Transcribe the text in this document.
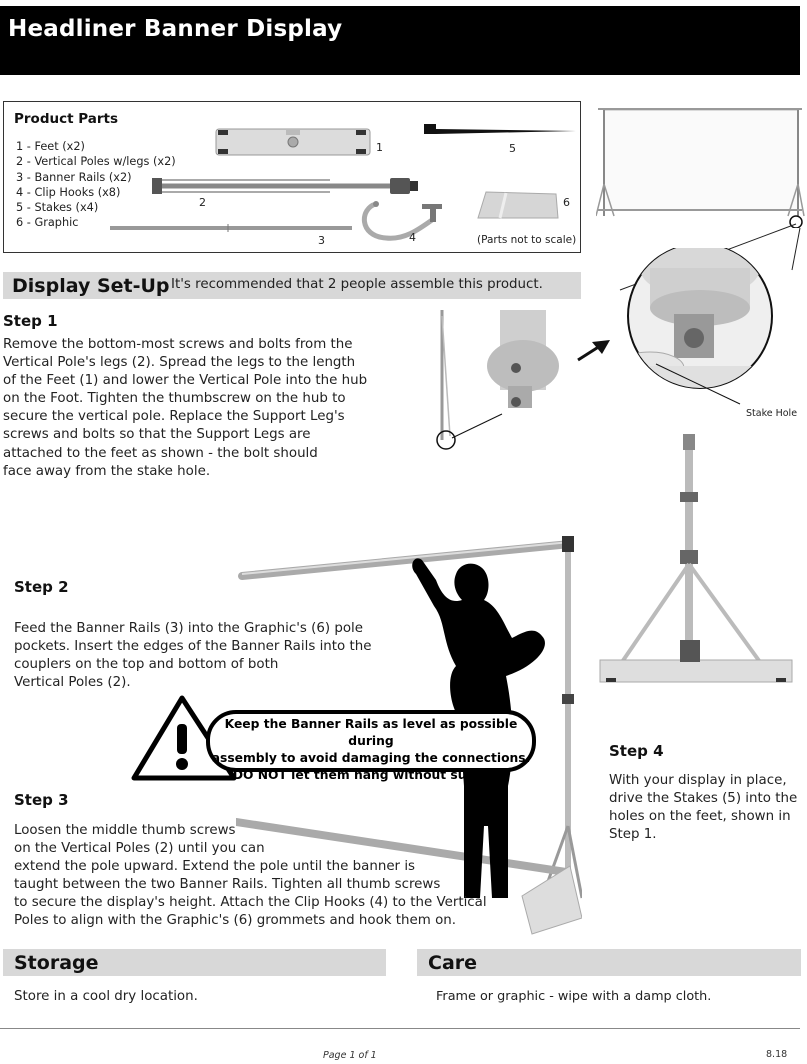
Headliner Banner Display
Product Parts
1 - Feet (x2)
2 - Vertical Poles w/legs (x2)
3 - Banner Rails (x2)
4 - Clip Hooks (x8)
5 - Stakes (x4)
6 - Graphic
1
2
3	4
5
6
(Parts not to scale)
Stake Hole
Display Set-Up It's recommended that 2 people assemble this product.
Step 1
Remove the bottom-most screws and bolts from the
Vertical Pole's legs (2). Spread the legs to the length
of the Feet (1) and lower the Vertical Pole into the hub
on the Foot. Tighten the thumbscrew on the hub to
secure the vertical pole. Replace the Support Leg's
screws and bolts so that the Support Legs are
attached to the feet as shown - the bolt should
face away from the stake hole.
Step 2
Feed the Banner Rails (3) into the Graphic's (6) pole
pockets. Insert the edges of the Banner Rails into the
couplers on the top and bottom of both
Vertical Poles (2).
Keep the Banner Rails as level as possible during
assembly to avoid damaging the connections.
DO NOT let them hang without support.
Step 3
Loosen the middle thumb screws
on the Vertical Poles (2) until you can
extend the pole upward. Extend the pole until the banner is
taught between the two Banner Rails. Tighten all thumb screws
to secure the display's height. Attach the Clip Hooks (4) to the Vertical
Poles to align with the Graphic's (6) grommets and hook them on.
Step 4
With your display in place,
drive the Stakes (5) into the
holes on the feet, shown in
Step 1.
Storage
Store in a cool dry location.
Care
Frame or graphic - wipe with a damp cloth.
Page 1 of 1	8.18
